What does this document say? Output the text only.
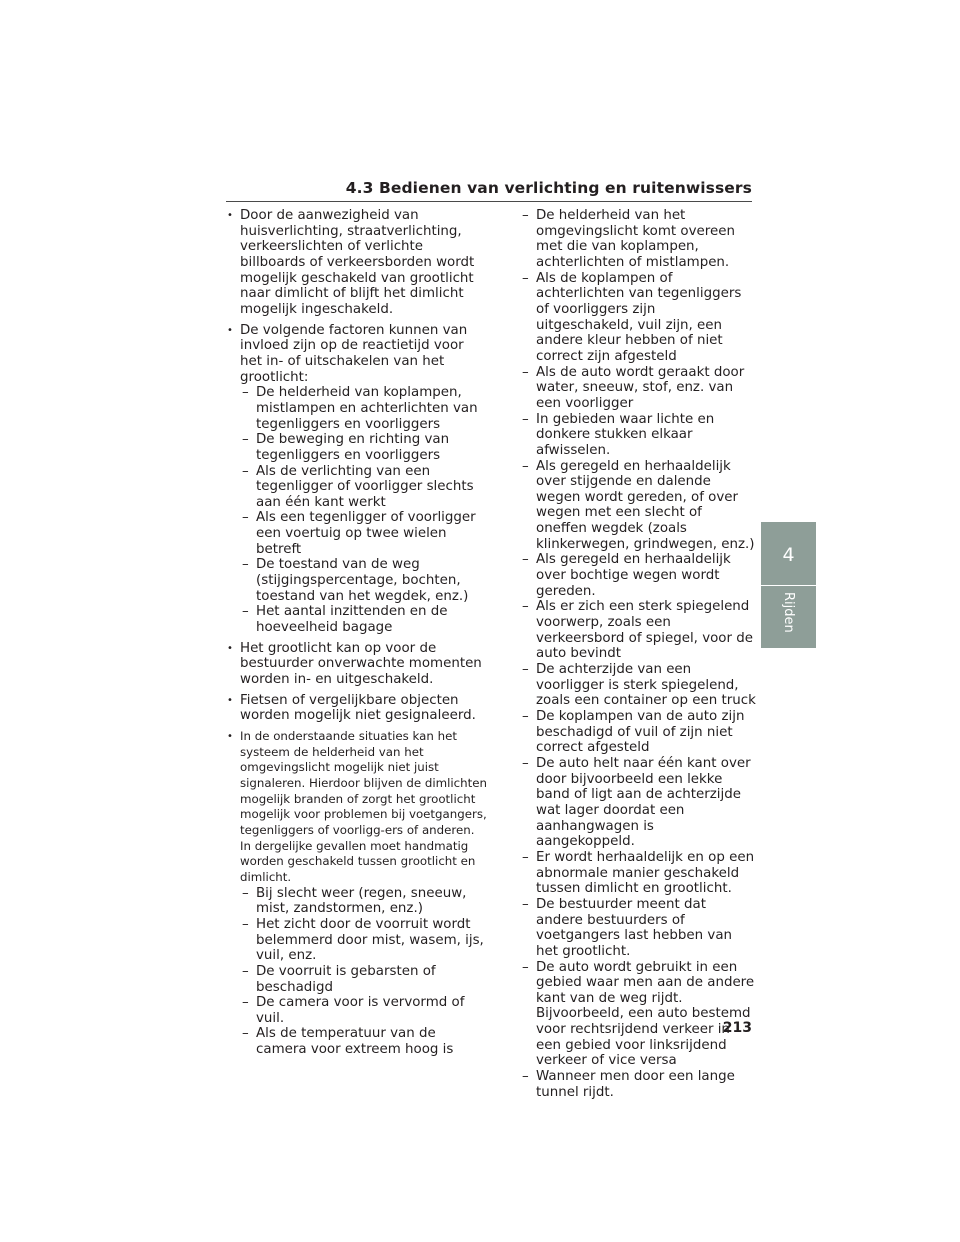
4.3 Bedienen van verlichting en ruitenwissers
• Door de aanwezigheid van huisverlichting, straatverlichting, verkeerslichten of verlichte billboards of verkeersborden wordt mogelijk geschakeld van grootlicht naar dimlicht of blijft het dimlicht mogelijk ingeschakeld.
• De volgende factoren kunnen van invloed zijn op de reactietijd voor het in- of uitschakelen van het grootlicht:
– De helderheid van koplampen, mistlampen en achterlichten van tegenliggers en voorliggers
– De beweging en richting van tegenliggers en voorliggers
– Als de verlichting van een tegenligger of voorligger slechts aan één kant werkt
– Als een tegenligger of voorligger een voertuig op twee wielen betreft
– De toestand van de weg (stijgingspercentage, bochten, toestand van het wegdek, enz.)
– Het aantal inzittenden en de hoeveelheid bagage
• Het grootlicht kan op voor de bestuurder onverwachte momenten worden in- en uitgeschakeld.
• Fietsen of vergelijkbare objecten worden mogelijk niet gesignaleerd.
• In de onderstaande situaties kan het systeem de helderheid van het omgevingslicht mogelijk niet juist signaleren. Hierdoor blijven de dimlichten mogelijk branden of zorgt het grootlicht mogelijk voor problemen bij voetgangers, tegenliggers of voorligg-ers of anderen. In dergelijke gevallen moet handmatig worden geschakeld tussen grootlicht en dimlicht.
– Bij slecht weer (regen, sneeuw, mist, zandstormen, enz.)
– Het zicht door de voorruit wordt belemmerd door mist, wasem, ijs, vuil, enz.
– De voorruit is gebarsten of beschadigd
– De camera voor is vervormd of vuil.
– Als de temperatuur van de camera voor extreem hoog is
– De helderheid van het omgevingslicht komt overeen met die van koplampen, achterlichten of mistlampen.
– Als de koplampen of achterlichten van tegenliggers of voorliggers zijn uitgeschakeld, vuil zijn, een andere kleur hebben of niet correct zijn afgesteld
– Als de auto wordt geraakt door water, sneeuw, stof, enz. van een voorligger
– In gebieden waar lichte en donkere stukken elkaar afwisselen.
– Als geregeld en herhaaldelijk over stijgende en dalende wegen wordt gereden, of over wegen met een slecht of oneffen wegdek (zoals klinkerwegen, grindwegen, enz.)
– Als geregeld en herhaaldelijk over bochtige wegen wordt gereden.
– Als er zich een sterk spiegelend voorwerp, zoals een verkeersbord of spiegel, voor de auto bevindt
– De achterzijde van een voorligger is sterk spiegelend, zoals een container op een truck
– De koplampen van de auto zijn beschadigd of vuil of zijn niet correct afgesteld
– De auto helt naar één kant over door bijvoorbeeld een lekke band of ligt aan de achterzijde wat lager doordat een aanhangwagen is aangekoppeld.
– Er wordt herhaaldelijk en op een abnormale manier geschakeld tussen dimlicht en grootlicht.
– De bestuurder meent dat andere bestuurders of voetgangers last hebben van het grootlicht.
– De auto wordt gebruikt in een gebied waar men aan de andere kant van de weg rijdt. Bijvoorbeeld, een auto bestemd voor rechtsrijdend verkeer in een gebied voor linksrijdend verkeer of vice versa
– Wanneer men door een lange tunnel rijdt.
4
Rijden
213
